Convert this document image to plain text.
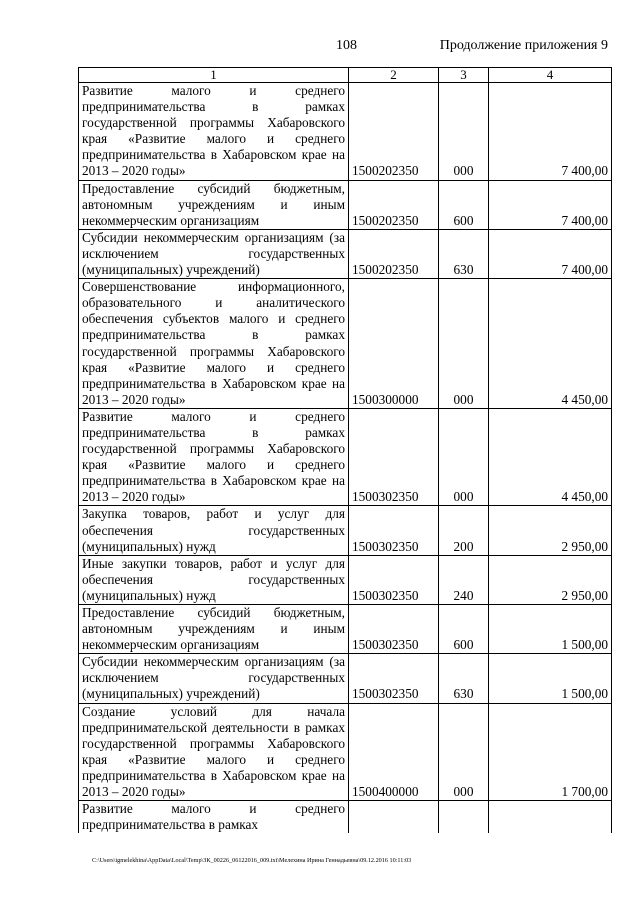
108	Продолжение приложения 9
1	2	3	4
Развитие малого и среднего предпринимательства в рамках государственной программы Хабаровского края «Развитие малого и среднего предпринимательства в Хабаровском крае на 2013 – 2020 годы»	1500202350	000	7 400,00
Предоставление субсидий бюджетным, автономным учреждениям и иным некоммерческим организациям	1500202350	600	7 400,00
Субсидии некоммерческим организациям (за исключением государственных (муниципальных) учреждений)	1500202350	630	7 400,00
Совершенствование информационного, образовательного и аналитического обеспечения субъектов малого и среднего предпринимательства в рамках государственной программы Хабаровского края «Развитие малого и среднего предпринимательства в Хабаровском крае на 2013 – 2020 годы»	1500300000	000	4 450,00
Развитие малого и среднего предпринимательства в рамках государственной программы Хабаровского края «Развитие малого и среднего предпринимательства в Хабаровском крае на 2013 – 2020 годы»	1500302350	000	4 450,00
Закупка товаров, работ и услуг для обеспечения государственных (муниципальных) нужд	1500302350	200	2 950,00
Иные закупки товаров, работ и услуг для обеспечения государственных (муниципальных) нужд	1500302350	240	2 950,00
Предоставление субсидий бюджетным, автономным учреждениям и иным некоммерческим организациям	1500302350	600	1 500,00
Субсидии некоммерческим организациям (за исключением государственных (муниципальных) учреждений)	1500302350	630	1 500,00
Создание условий для начала предпринимательской деятельности в рамках государственной программы Хабаровского края «Развитие малого и среднего предпринимательства в Хабаровском крае на 2013 – 2020 годы»	1500400000	000	1 700,00
Развитие малого и среднего предпринимательства в рамках			
C:\Users\igmelekhina\AppData\Local\Temp\ЗК_00226_06122016_009.txt\Мелехина Ирина Геннадьевна\09.12.2016 10:11:03
